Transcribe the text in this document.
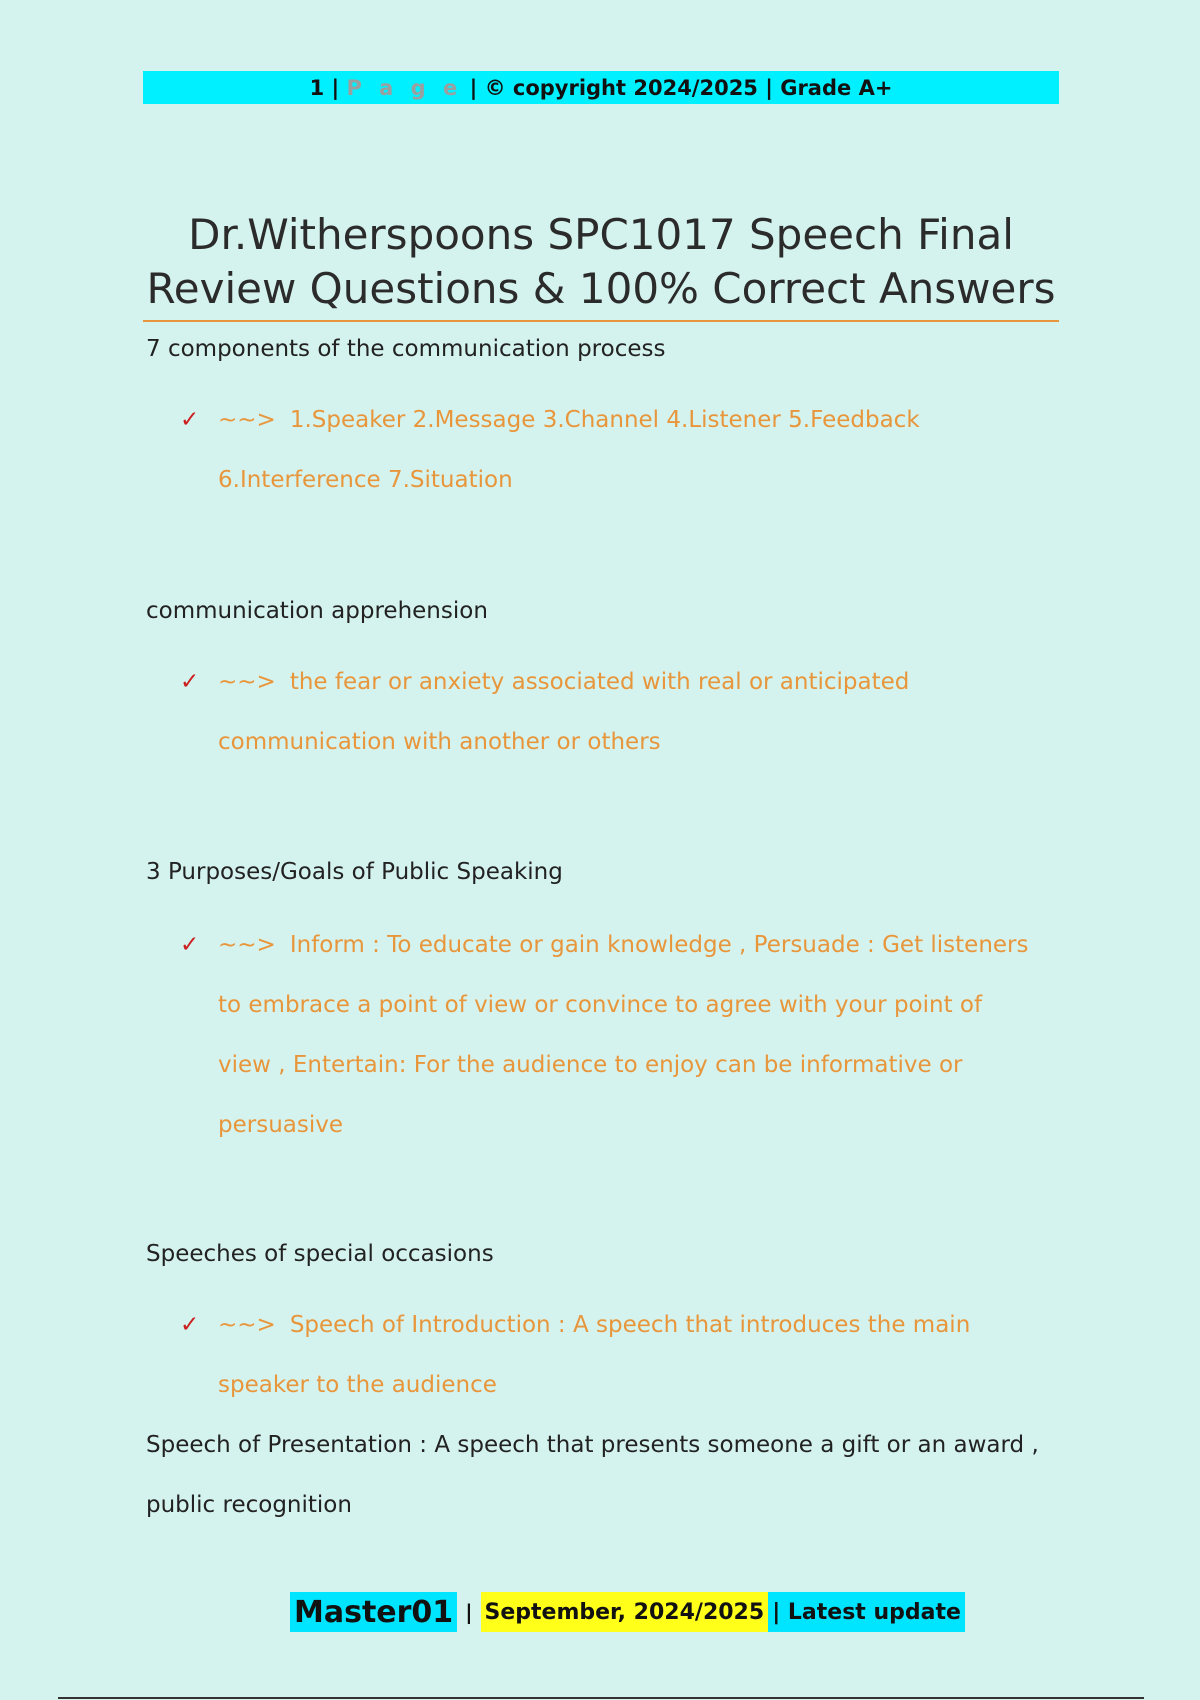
1 | P a g e | © copyright 2024/2025 | Grade A+
Dr.Witherspoons SPC1017 Speech Final
Review Questions & 100% Correct Answers
7 components of the communication process
✓ ~~> 1.Speaker 2.Message 3.Channel 4.Listener 5.Feedback 6.Interference 7.Situation
communication apprehension
✓ ~~> the fear or anxiety associated with real or anticipated communication with another or others
3 Purposes/Goals of Public Speaking
✓ ~~> Inform : To educate or gain knowledge , Persuade : Get listeners to embrace a point of view or convince to agree with your point of view , Entertain: For the audience to enjoy can be informative or persuasive
Speeches of special occasions
✓ ~~> Speech of Introduction : A speech that introduces the main speaker to the audience
Speech of Presentation : A speech that presents someone a gift or an award , public recognition
Master01 | September, 2024/2025 |
Latest update
